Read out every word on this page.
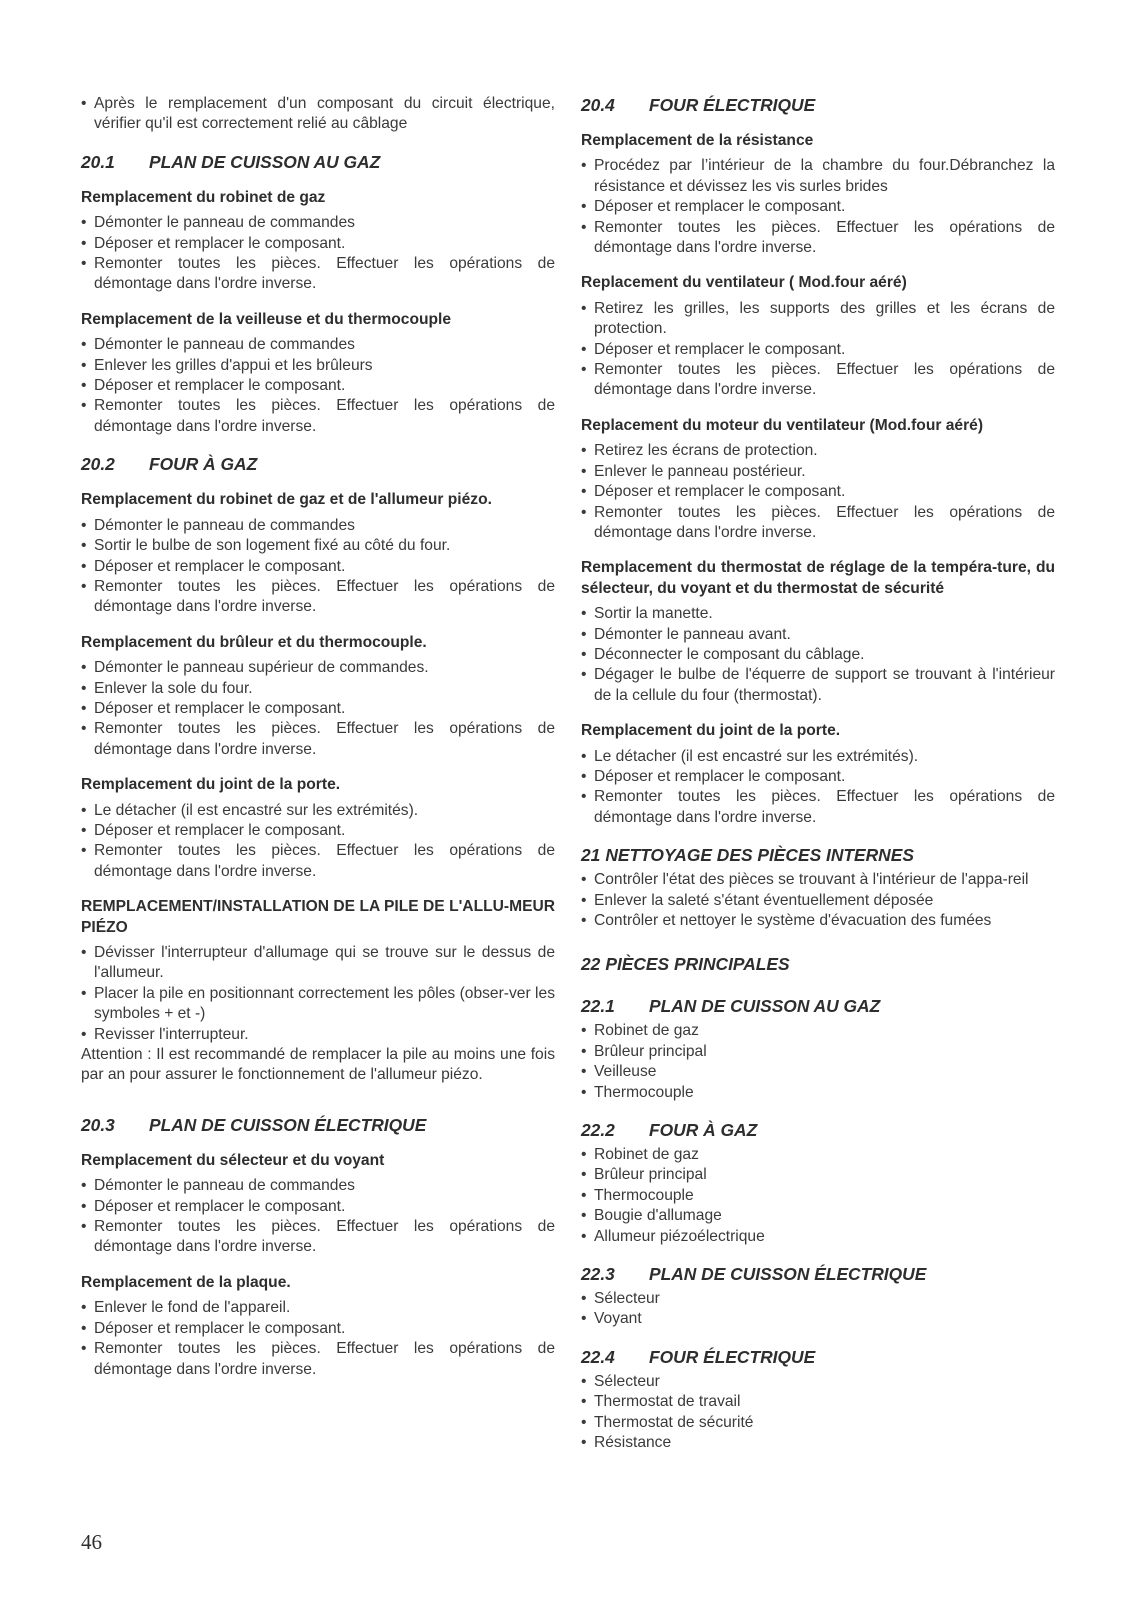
• Après le remplacement d'un composant du circuit électrique, vérifier qu'il est correctement relié au câblage
20.1	PLAN DE CUISSON AU GAZ
Remplacement du robinet de gaz
• Démonter le panneau de commandes
• Déposer et remplacer le composant.
• Remonter toutes les pièces. Effectuer les opérations de démontage dans l'ordre inverse.
Remplacement de la veilleuse et du thermocouple
• Démonter le panneau de commandes
• Enlever les grilles d'appui et les brûleurs
• Déposer et remplacer le composant.
• Remonter toutes les pièces. Effectuer les opérations de démontage dans l'ordre inverse.
20.2	FOUR À GAZ
Remplacement du robinet de gaz et de l'allumeur piézo.
• Démonter le panneau de commandes
• Sortir le bulbe de son logement fixé au côté du four.
• Déposer et remplacer le composant.
• Remonter toutes les pièces. Effectuer les opérations de démontage dans l'ordre inverse.
Remplacement du brûleur et du thermocouple.
• Démonter le panneau supérieur de commandes.
• Enlever la sole du four.
• Déposer et remplacer le composant.
• Remonter toutes les pièces. Effectuer les opérations de démontage dans l'ordre inverse.
Remplacement du joint de la porte.
• Le détacher (il est encastré sur les extrémités).
• Déposer et remplacer le composant.
• Remonter toutes les pièces. Effectuer les opérations de démontage dans l'ordre inverse.
REMPLACEMENT/INSTALLATION DE LA PILE DE L'ALLU-MEUR PIÉZO
• Dévisser l'interrupteur d'allumage qui se trouve sur le dessus de l'allumeur.
• Placer la pile en positionnant correctement les pôles (obser-ver les symboles + et -)
• Revisser l'interrupteur.
Attention : Il est recommandé de remplacer la pile au moins une fois par an pour assurer le fonctionnement de l'allumeur piézo.
20.3	PLAN DE CUISSON ÉLECTRIQUE
Remplacement du sélecteur et du voyant
• Démonter le panneau de commandes
• Déposer et remplacer le composant.
• Remonter toutes les pièces. Effectuer les opérations de démontage dans l'ordre inverse.
Remplacement de la plaque.
• Enlever le fond de l'appareil.
• Déposer et remplacer le composant.
• Remonter toutes les pièces. Effectuer les opérations de démontage dans l'ordre inverse.
20.4	FOUR ÉLECTRIQUE
Remplacement de la résistance
• Procédez par l’intérieur de la chambre du four.Débranchez la résistance et dévissez les vis surles brides
• Déposer et remplacer le composant.
• Remonter toutes les pièces. Effectuer les opérations de démontage dans l'ordre inverse.
Replacement du ventilateur ( Mod.four aéré)
• Retirez les grilles, les supports des grilles et les écrans de protection.
• Déposer et remplacer le composant.
• Remonter toutes les pièces. Effectuer les opérations de démontage dans l'ordre inverse.
Replacement du moteur du ventilateur (Mod.four aéré)
• Retirez les écrans de protection.
• Enlever le panneau postérieur.
• Déposer et remplacer le composant.
• Remonter toutes les pièces. Effectuer les opérations de démontage dans l'ordre inverse.
Remplacement du thermostat de réglage de la tempéra-ture, du sélecteur, du voyant et du thermostat de sécurité
• Sortir la manette.
• Démonter le panneau avant.
• Déconnecter le composant du câblage.
• Dégager le bulbe de l'équerre de support se trouvant à l'intérieur de la cellule du four (thermostat).
Remplacement du joint de la porte.
• Le détacher (il est encastré sur les extrémités).
• Déposer et remplacer le composant.
• Remonter toutes les pièces. Effectuer les opérations de démontage dans l'ordre inverse.
21 NETTOYAGE DES PIÈCES INTERNES
• Contrôler l'état des pièces se trouvant à l'intérieur de l'appa-reil
• Enlever la saleté s'étant éventuellement déposée
• Contrôler et nettoyer le système d'évacuation des fumées
22 PIÈCES PRINCIPALES
22.1	PLAN DE CUISSON AU GAZ
• Robinet de gaz
• Brûleur principal
• Veilleuse
• Thermocouple
22.2	FOUR À GAZ
• Robinet de gaz
• Brûleur principal
• Thermocouple
• Bougie d'allumage
• Allumeur piézoélectrique
22.3	PLAN DE CUISSON ÉLECTRIQUE
• Sélecteur
• Voyant
22.4	FOUR ÉLECTRIQUE
• Sélecteur
• Thermostat de travail
• Thermostat de sécurité
• Résistance
46
